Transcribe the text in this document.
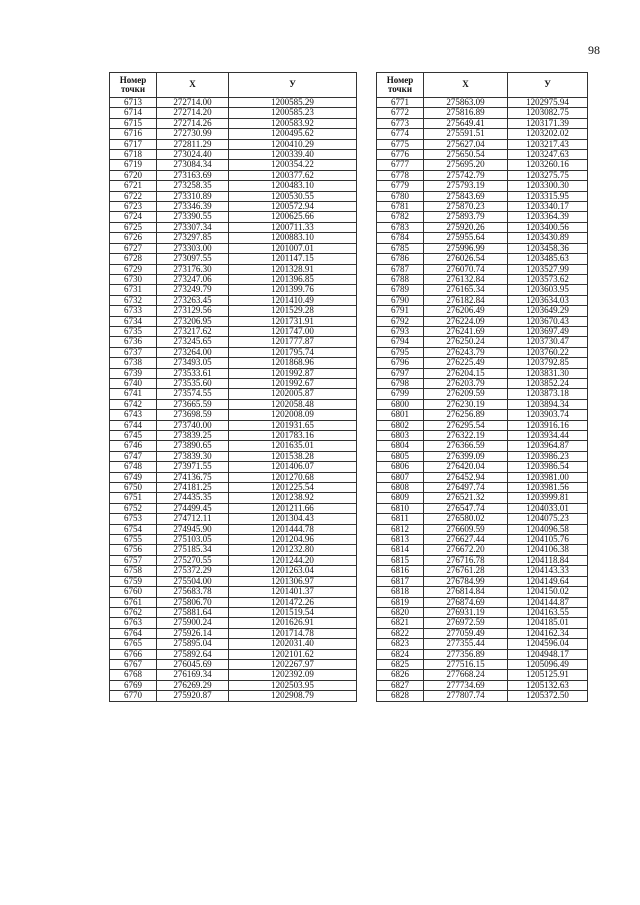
98
Номер
точки	X	У
6713	272714.00	1200585.29
6714	272714.20	1200585.23
6715	272714.26	1200583.92
6716	272730.99	1200495.62
6717	272811.29	1200410.29
6718	273024.40	1200339.40
6719	273084.34	1200354.22
6720	273163.69	1200377.62
6721	273258.35	1200483.10
6722	273310.89	1200530.55
6723	273346.39	1200572.94
6724	273390.55	1200625.66
6725	273307.34	1200711.33
6726	273297.85	1200883.10
6727	273303.00	1201007.01
6728	273097.55	1201147.15
6729	273176.30	1201328.91
6730	273247.06	1201396.85
6731	273249.79	1201399.76
6732	273263.45	1201410.49
6733	273129.56	1201529.28
6734	273206.95	1201731.91
6735	273217.62	1201747.00
6736	273245.65	1201777.87
6737	273264.00	1201795.74
6738	273493.05	1201868.96
6739	273533.61	1201992.87
6740	273535.60	1201992.67
6741	273574.55	1202005.87
6742	273665.59	1202058.48
6743	273698.59	1202008.09
6744	273740.00	1201931.65
6745	273839.25	1201783.16
6746	273890.65	1201635.01
6747	273839.30	1201538.28
6748	273971.55	1201406.07
6749	274136.75	1201270.68
6750	274181.25	1201225.54
6751	274435.35	1201238.92
6752	274499.45	1201211.66
6753	274712.11	1201304.43
6754	274945.90	1201444.78
6755	275103.05	1201204.96
6756	275185.34	1201232.80
6757	275270.55	1201244.20
6758	275372.29	1201263.04
6759	275504.00	1201306.97
6760	275683.78	1201401.37
6761	275806.70	1201472.26
6762	275881.64	1201519.54
6763	275900.24	1201626.91
6764	275926.14	1201714.78
6765	275895.04	1202031.40
6766	275892.64	1202101.62
6767	276045.69	1202267.97
6768	276169.34	1202392.09
6769	276269.29	1202503.95
6770	275920.87	1202908.79
Номер
точки	X	У
6771	275863.09	1202975.94
6772	275816.89	1203082.75
6773	275649.41	1203171.39
6774	275591.51	1203202.02
6775	275627.04	1203217.43
6776	275650.54	1203247.63
6777	275695.20	1203260.16
6778	275742.79	1203275.75
6779	275793.19	1203300.30
6780	275843.69	1203315.95
6781	275870.23	1203340.17
6782	275893.79	1203364.39
6783	275920.26	1203400.56
6784	275955.64	1203430.89
6785	275996.99	1203458.36
6786	276026.54	1203485.63
6787	276070.74	1203527.99
6788	276132.84	1203573.62
6789	276165.34	1203603.95
6790	276182.84	1203634.03
6791	276206.49	1203649.29
6792	276224.09	1203670.43
6793	276241.69	1203697.49
6794	276250.24	1203730.47
6795	276243.79	1203760.22
6796	276225.49	1203792.85
6797	276204.15	1203831.30
6798	276203.79	1203852.24
6799	276209.59	1203873.18
6800	276230.19	1203894.34
6801	276256.89	1203903.74
6802	276295.54	1203916.16
6803	276322.19	1203934.44
6804	276366.59	1203964.87
6805	276399.09	1203986.23
6806	276420.04	1203986.54
6807	276452.94	1203981.00
6808	276497.74	1203981.56
6809	276521.32	1203999.81
6810	276547.74	1204033.01
6811	276580.02	1204075.23
6812	276609.59	1204096.58
6813	276627.44	1204105.76
6814	276672.20	1204106.38
6815	276716.78	1204118.84
6816	276761.28	1204143.33
6817	276784.99	1204149.64
6818	276814.84	1204150.02
6819	276874.69	1204144.87
6820	276931.19	1204163.55
6821	276972.59	1204185.01
6822	277059.49	1204162.34
6823	277355.44	1204596.04
6824	277356.89	1204948.17
6825	277516.15	1205096.49
6826	277668.24	1205125.91
6827	277734.69	1205132.63
6828	277807.74	1205372.50
